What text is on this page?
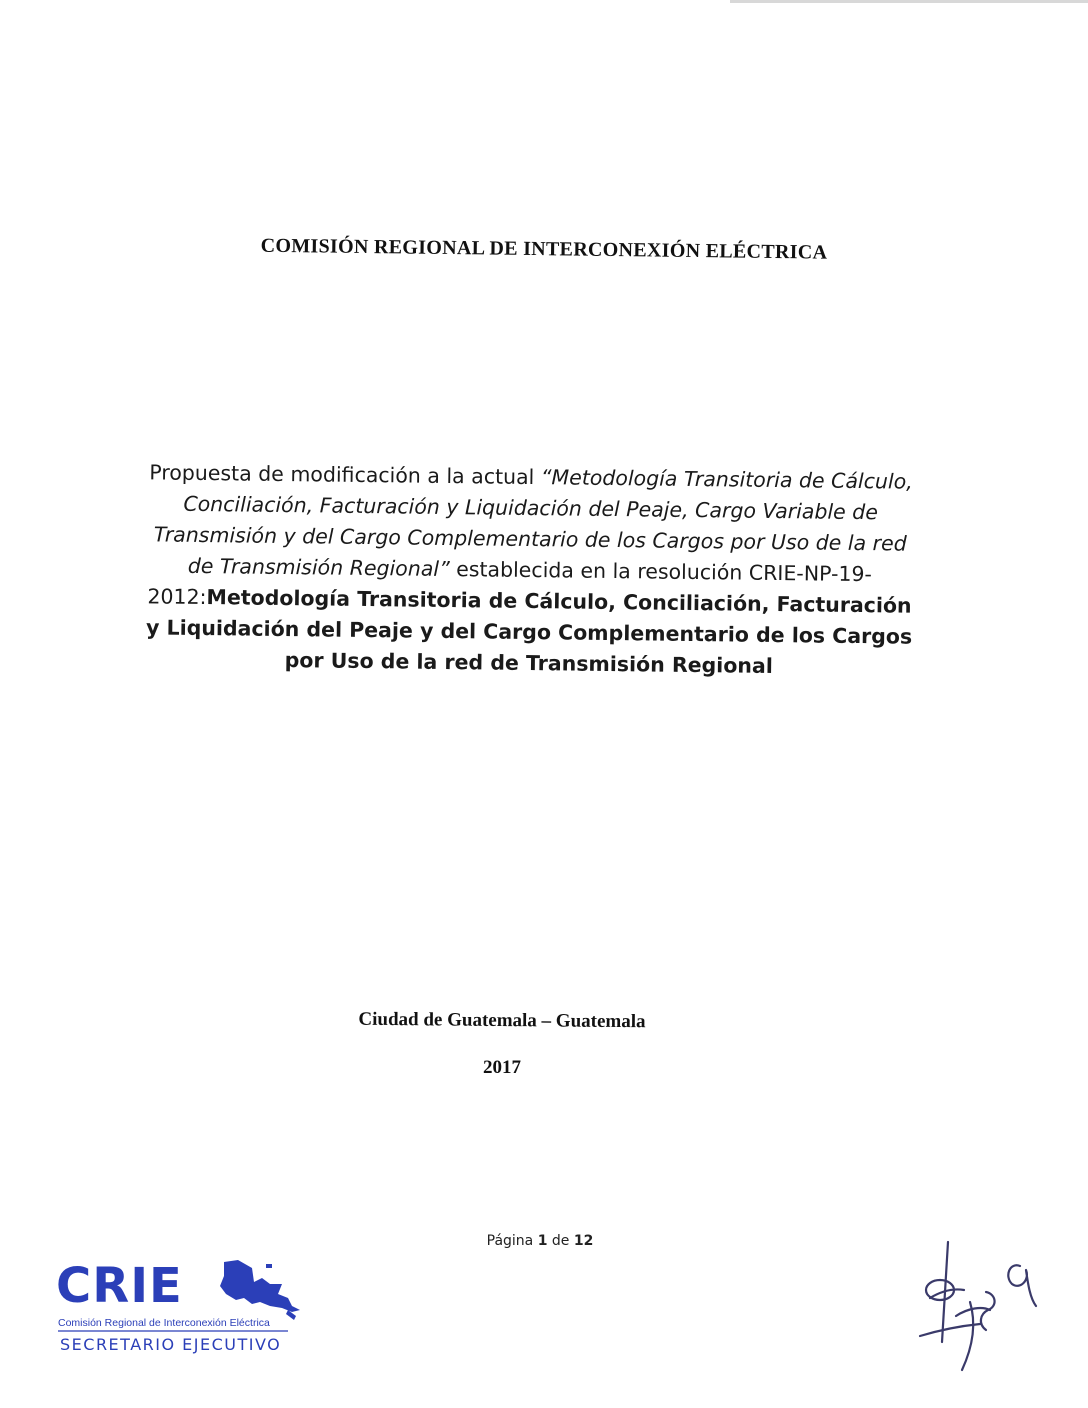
COMISIÓN REGIONAL DE INTERCONEXIÓN ELÉCTRICA
Propuesta de modificación a la actual “Metodología Transitoria de Cálculo, Conciliación, Facturación y Liquidación del Peaje, Cargo Variable de Transmisión y del Cargo Complementario de los Cargos por Uso de la red de Transmisión Regional” establecida en la resolución CRIE-NP-19-2012:Metodología Transitoria de Cálculo, Conciliación, Facturación y Liquidación del Peaje y del Cargo Complementario de los Cargos por Uso de la red de Transmisión Regional
Ciudad de Guatemala – Guatemala
2017
Página 1 de 12
CRIE
Comisión Regional de Interconexión Eléctrica
SECRETARIO EJECUTIVO
